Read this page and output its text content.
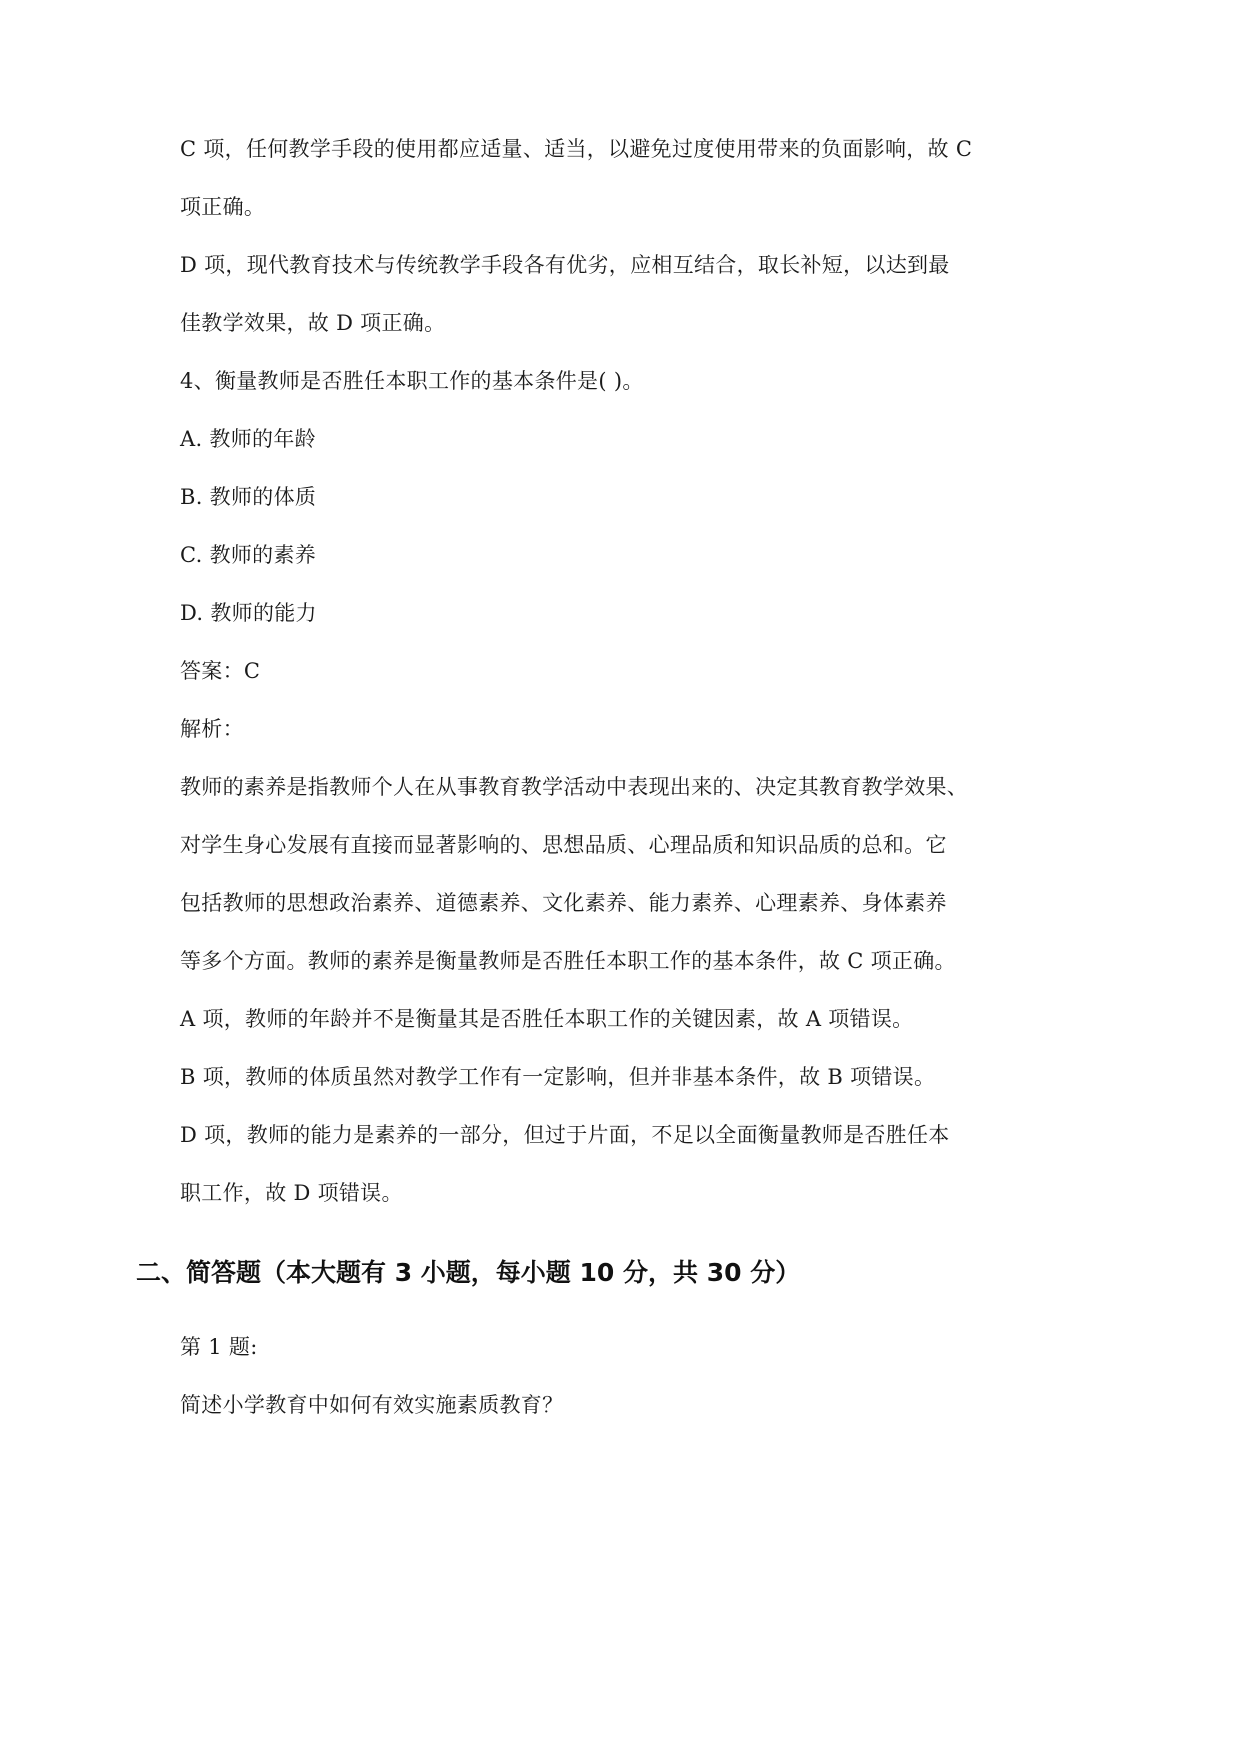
C 项，任何教学手段的使用都应适量、适当，以避免过度使用带来的负面影响，故 C
项正确。
D 项，现代教育技术与传统教学手段各有优劣，应相互结合，取长补短，以达到最
佳教学效果，故 D 项正确。
4、衡量教师是否胜任本职工作的基本条件是( )。
A. 教师的年龄
B. 教师的体质
C. 教师的素养
D. 教师的能力
答案：C
解析：
教师的素养是指教师个人在从事教育教学活动中表现出来的、决定其教育教学效果、
对学生身心发展有直接而显著影响的、思想品质、心理品质和知识品质的总和。它
包括教师的思想政治素养、道德素养、文化素养、能力素养、心理素养、身体素养
等多个方面。教师的素养是衡量教师是否胜任本职工作的基本条件，故 C 项正确。
A 项，教师的年龄并不是衡量其是否胜任本职工作的关键因素，故 A 项错误。
B 项，教师的体质虽然对教学工作有一定影响，但并非基本条件，故 B 项错误。
D 项，教师的能力是素养的一部分，但过于片面，不足以全面衡量教师是否胜任本
职工作，故 D 项错误。
二、简答题（本大题有 3 小题，每小题 10 分，共 30 分）
第 1 题:
简述小学教育中如何有效实施素质教育？
